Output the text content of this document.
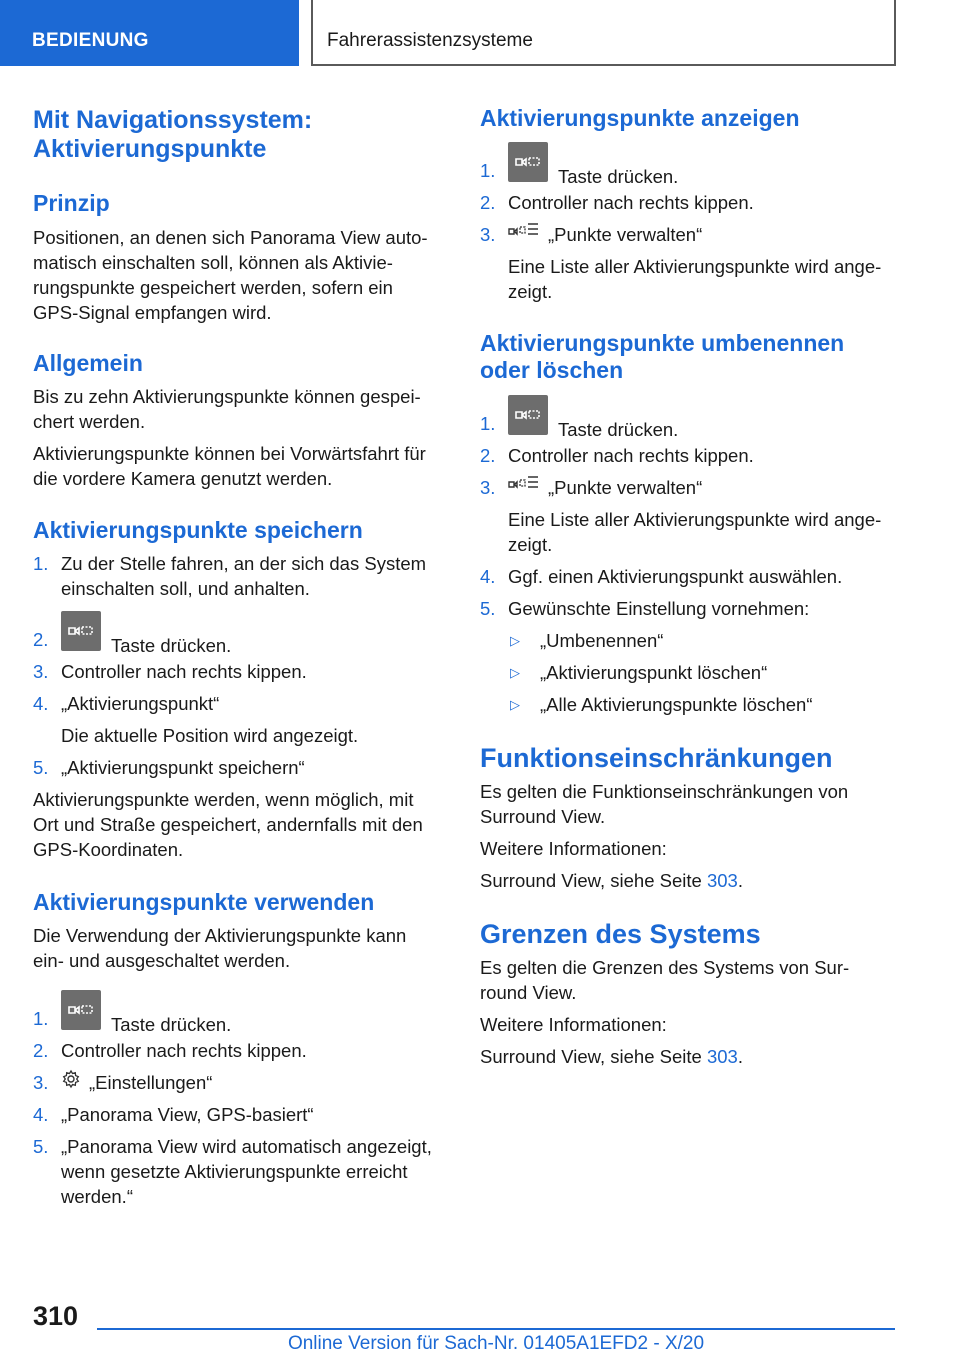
BEDIENUNG	Fahrerassistenzsysteme
Mit Navigationssystem:
Aktivierungspunkte
Prinzip
Positionen, an denen sich Panorama View auto-matisch einschalten soll, können als Aktivie-rungspunkte gespeichert werden, sofern ein GPS-Signal empfangen wird.
Allgemein
Bis zu zehn Aktivierungspunkte können gespei-chert werden.
Aktivierungspunkte können bei Vorwärtsfahrt für die vordere Kamera genutzt werden.
Aktivierungspunkte speichern
1. Zu der Stelle fahren, an der sich das System
einschalten soll, und anhalten.
2.	Taste drücken.
3. Controller nach rechts kippen.
4. „Aktivierungspunkt“
Die aktuelle Position wird angezeigt.
5. „Aktivierungspunkt speichern“
Aktivierungspunkte werden, wenn möglich, mit Ort und Straße gespeichert, andernfalls mit den GPS-Koordinaten.
Aktivierungspunkte verwenden
Die Verwendung der Aktivierungspunkte kann ein- und ausgeschaltet werden.
1.	Taste drücken.
2. Controller nach rechts kippen.
3.	„Einstellungen“
4. „Panorama View, GPS-basiert“
5. „Panorama View wird automatisch angezeigt,
wenn gesetzte Aktivierungspunkte erreicht
werden.“
Aktivierungspunkte anzeigen
1.	Taste drücken.
2. Controller nach rechts kippen.
3.	„Punkte verwalten“
Eine Liste aller Aktivierungspunkte wird ange-zeigt.
Aktivierungspunkte umbenennen
oder löschen
1.	Taste drücken.
2. Controller nach rechts kippen.
3.	„Punkte verwalten“
Eine Liste aller Aktivierungspunkte wird ange-zeigt.
4. Ggf. einen Aktivierungspunkt auswählen.
5. Gewünschte Einstellung vornehmen:
▷ „Umbenennen“
▷ „Aktivierungspunkt löschen“
▷ „Alle Aktivierungspunkte löschen“
Funktionseinschränkungen
Es gelten die Funktionseinschränkungen von Surround View.
Weitere Informationen:
Surround View, siehe Seite 303.
Grenzen des Systems
Es gelten die Grenzen des Systems von Sur-round View.
Weitere Informationen:
Surround View, siehe Seite 303.
310
Online Version für Sach-Nr. 01405A1EFD2 - X/20
